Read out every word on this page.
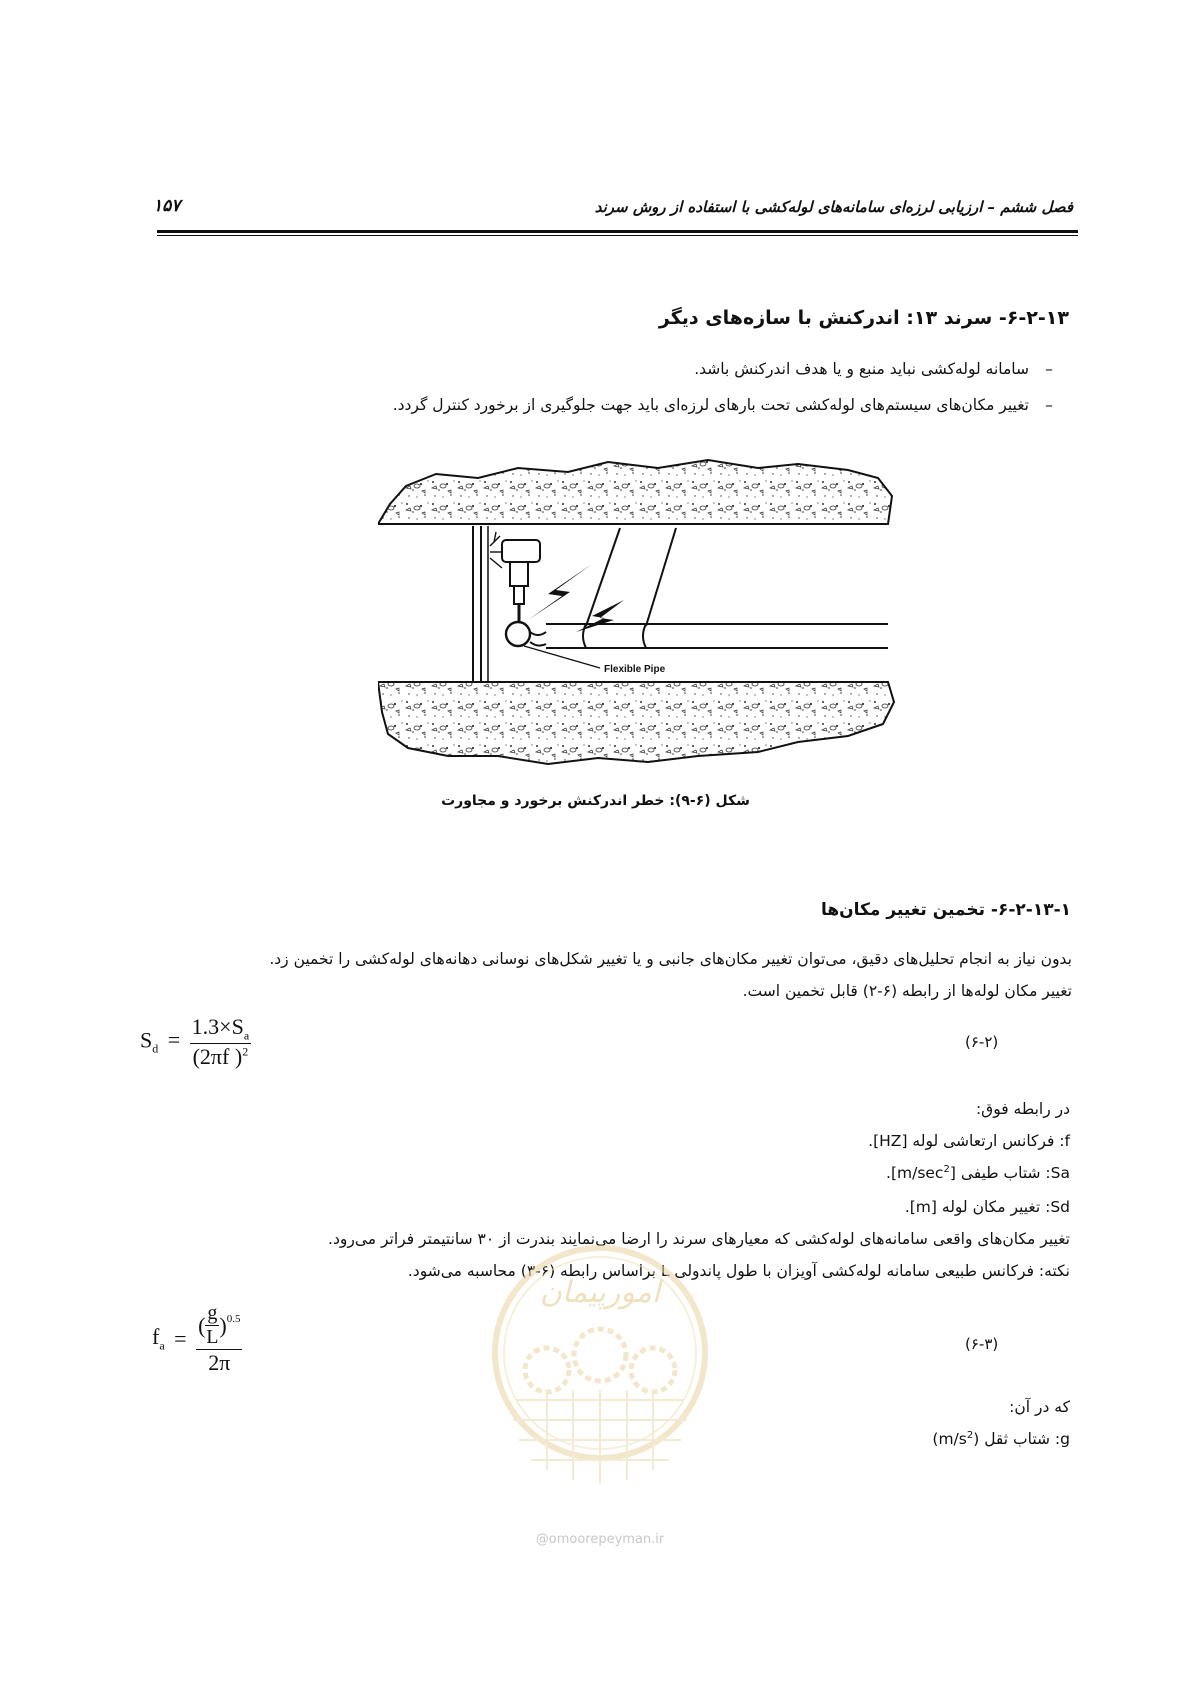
فصل ششم – ارزیابی لرزه‌ای سامانه‌های لوله‌کشی با استفاده از روش سرند
۱۵۷
۶-۲-۱۳- سرند ۱۳: اندرکنش با سازه‌های دیگر
–سامانه لوله‌کشی نباید منبع و یا هدف اندرکنش باشد.
–تغییر مکان‌های سیستم‌های لوله‌کشی تحت بارهای لرزه‌ای باید جهت جلوگیری از برخورد کنترل گردد.
Flexible Pipe
شکل (۶-۹): خطر اندرکنش برخورد و مجاورت
۶-۲-۱۳-۱- تخمین تغییر مکان‌ها
بدون نیاز به انجام تحلیل‌های دقیق، می‌توان تغییر مکان‌های جانبی و یا تغییر شکل‌های نوسانی دهانه‌های لوله‌کشی را تخمین زد.
تغییر مکان لوله‌ها از رابطه (۶-۲) قابل تخمین است.
$S_d = \frac{1.3\times S_a}{(2\pi f )^2}$	(۶-۲)
در رابطه فوق:
f: فرکانس ارتعاشی لوله [HZ].
Sa: شتاب طیفی $[m/\sec^2]$.
Sd: تغییر مکان لوله [m].
تغییر مکان‌های واقعی سامانه‌های لوله‌کشی که معیارهای سرند را ارضا می‌نمایند بندرت از ۳۰ سانتیمتر فراتر می‌رود.
نکته: فرکانس طبیعی سامانه لوله‌کشی آویزان با طول پاندولی L براساس رابطه (۶-۳) محاسبه می‌شود.
$f_a = \frac{( \frac{g}{L} )^{0.5}}{2\pi}$	(۶-۳)
که در آن:
g: شتاب ثقل $(m/s^2)$
امورپیمان
@omoorepeyman.ir
